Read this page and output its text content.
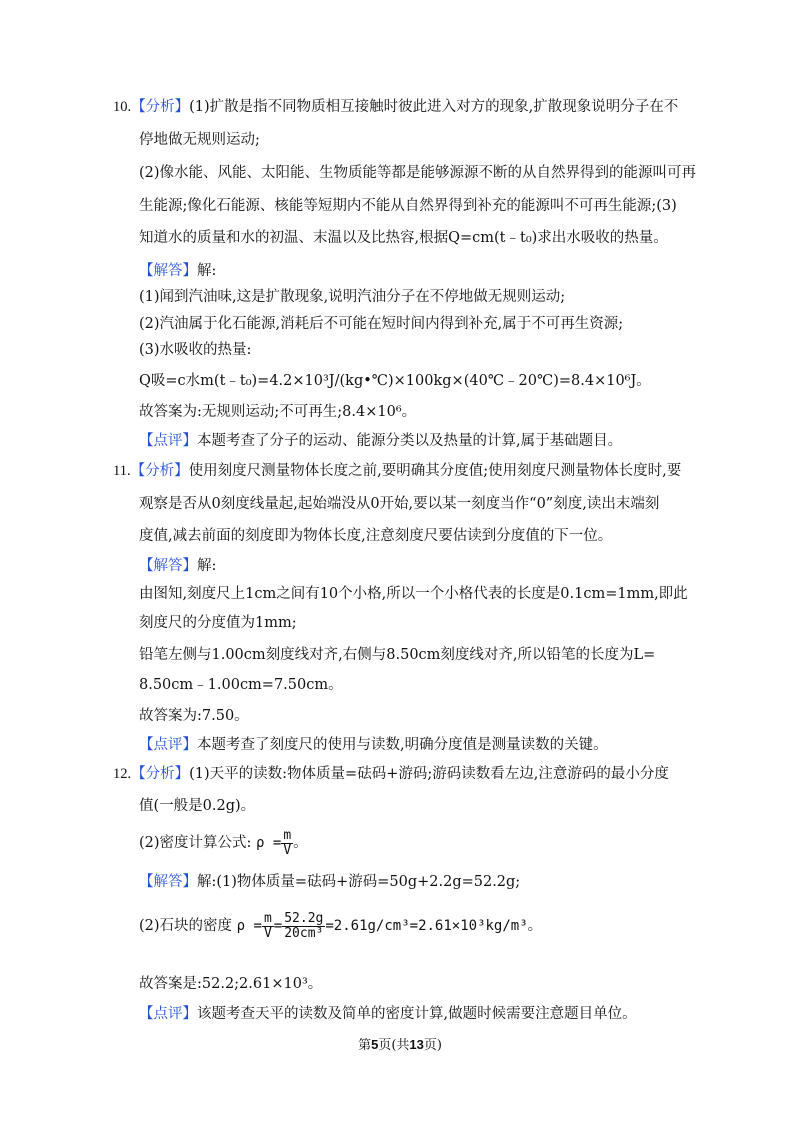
10.【分析】(1)扩散是指不同物质相互接触时彼此进入对方的现象,扩散现象说明分子在不
停地做无规则运动;
(2)像水能、风能、太阳能、生物质能等都是能够源源不断的从自然界得到的能源叫可再
生能源;像化石能源、核能等短期内不能从自然界得到补充的能源叫不可再生能源;(3)
知道水的质量和水的初温、末温以及比热容,根据Q=cm(t﹣t₀)求出水吸收的热量。
【解答】解:
(1)闻到汽油味,这是扩散现象,说明汽油分子在不停地做无规则运动;
(2)汽油属于化石能源,消耗后不可能在短时间内得到补充,属于不可再生资源;
(3)水吸收的热量:
Q吸=c水m(t﹣t₀)=4.2×10³J/(kg•℃)×100kg×(40℃﹣20℃)=8.4×10⁶J。
故答案为:无规则运动;不可再生;8.4×10⁶。
【点评】本题考查了分子的运动、能源分类以及热量的计算,属于基础题目。
11.【分析】使用刻度尺测量物体长度之前,要明确其分度值;使用刻度尺测量物体长度时,要
观察是否从0刻度线量起,起始端没从0开始,要以某一刻度当作“0”刻度,读出末端刻
度值,减去前面的刻度即为物体长度,注意刻度尺要估读到分度值的下一位。
【解答】解:
由图知,刻度尺上1cm之间有10个小格,所以一个小格代表的长度是0.1cm=1mm,即此
刻度尺的分度值为1mm;
铅笔左侧与1.00cm刻度线对齐,右侧与8.50cm刻度线对齐,所以铅笔的长度为L=
8.50cm﹣1.00cm=7.50cm。
故答案为:7.50。
【点评】本题考查了刻度尺的使用与读数,明确分度值是测量读数的关键。
12.【分析】(1)天平的读数:物体质量=砝码+游码;游码读数看左边,注意游码的最小分度
值(一般是0.2g)。
(2)密度计算公式: $\rho = \frac{m}{V}$ 。
【解答】解:(1)物体质量=砝码+游码=50g+2.2g=52.2g;
(2)石块的密度 $\rho = \frac{m}{V} = \frac{52.2g}{\text{20cm³}} =2.61g/cm^3=2.61\times 10^3kg/m^3$。
故答案是:52.2;2.61×10³。
【点评】该题考查天平的读数及简单的密度计算,做题时候需要注意题目单位。
第5页(共13页)
